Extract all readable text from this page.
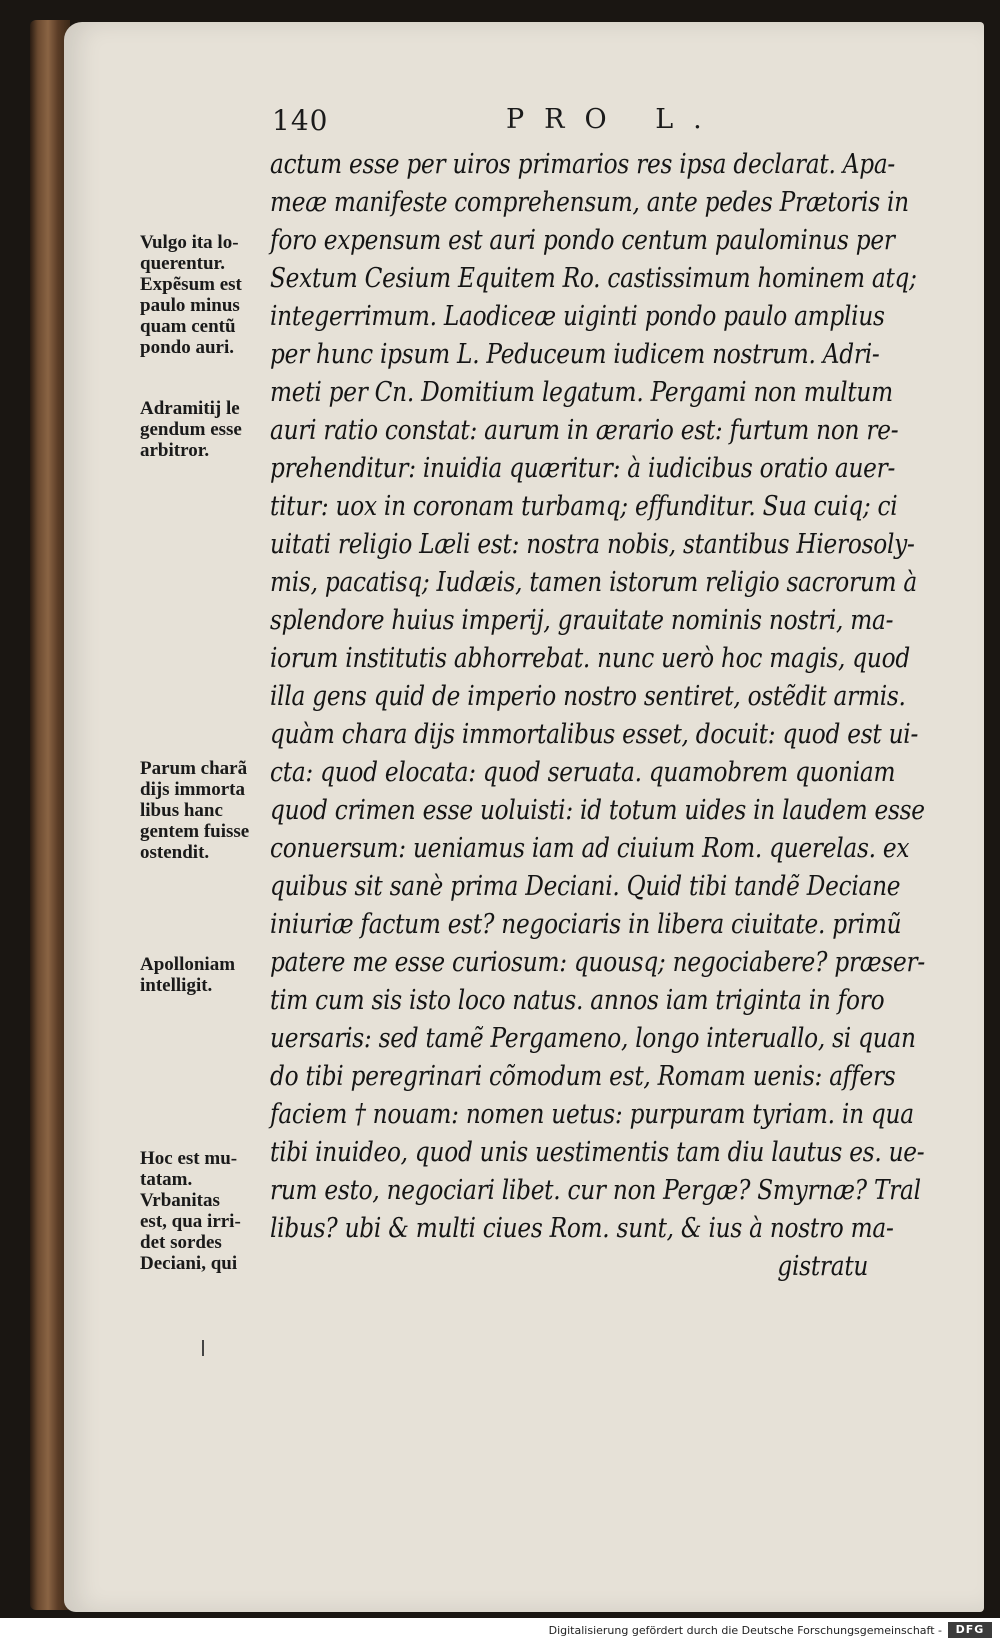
140	PRO L.
actum esse per uiros primarios res ipsa declarat. Apa-
meæ manifeste comprehensum, ante pedes Prætoris in
foro expensum est auri pondo centum paulominus per
Sextum Cesium Equitem Ro. castissimum hominem atq;
integerrimum. Laodiceæ uiginti pondo paulo amplius
per hunc ipsum L. Peduceum iudicem nostrum. Adri-
meti per Cn. Domitium legatum. Pergami non multum
auri ratio constat: aurum in ærario est: furtum non re-
prehenditur: inuidia quæritur: à iudicibus oratio auer-
titur: uox in coronam turbamq; effunditur. Sua cuiq; ci
uitati religio Læli est: nostra nobis, stantibus Hierosoly-
mis, pacatisq; Iudæis, tamen istorum religio sacrorum à
splendore huius imperij, grauitate nominis nostri, ma-
iorum institutis abhorrebat. nunc uerò hoc magis, quod
illa gens quid de imperio nostro sentiret, ostẽdit armis.
quàm chara dijs immortalibus esset, docuit: quod est ui-
cta: quod elocata: quod seruata. quamobrem quoniam
quod crimen esse uoluisti: id totum uides in laudem esse
conuersum: ueniamus iam ad ciuium Rom. querelas. ex
quibus sit sanè prima Deciani. Quid tibi tandẽ Deciane
iniuriæ factum est? negociaris in libera ciuitate. primũ
patere me esse curiosum: quousq; negociabere? præser-
tim cum sis isto loco natus. annos iam triginta in foro
uersaris: sed tamẽ Pergameno, longo interuallo, si quan
do tibi peregrinari cõmodum est, Romam uenis: affers
faciem † nouam: nomen uetus: purpuram tyriam. in qua
tibi inuideo, quod unis uestimentis tam diu lautus es. ue-
rum esto, negociari libet. cur non Pergæ? Smyrnæ? Tral
libus? ubi & multi ciues Rom. sunt, & ius à nostro ma-
gistratu
Vulgo ita lo-
querentur.
Expẽsum est
paulo minus
quam centũ
pondo auri.
Adramitij le
gendum esse
arbitror.
Parum charã
dijs immorta
libus hanc
gentem fuisse
ostendit.
Apolloniam
intelligit.
Hoc est mu-
tatam.
Vrbanitas
est, qua irri-
det sordes
Deciani, qui
Digitalisierung gefördert durch die Deutsche Forschungsgemeinschaft -	DFG
